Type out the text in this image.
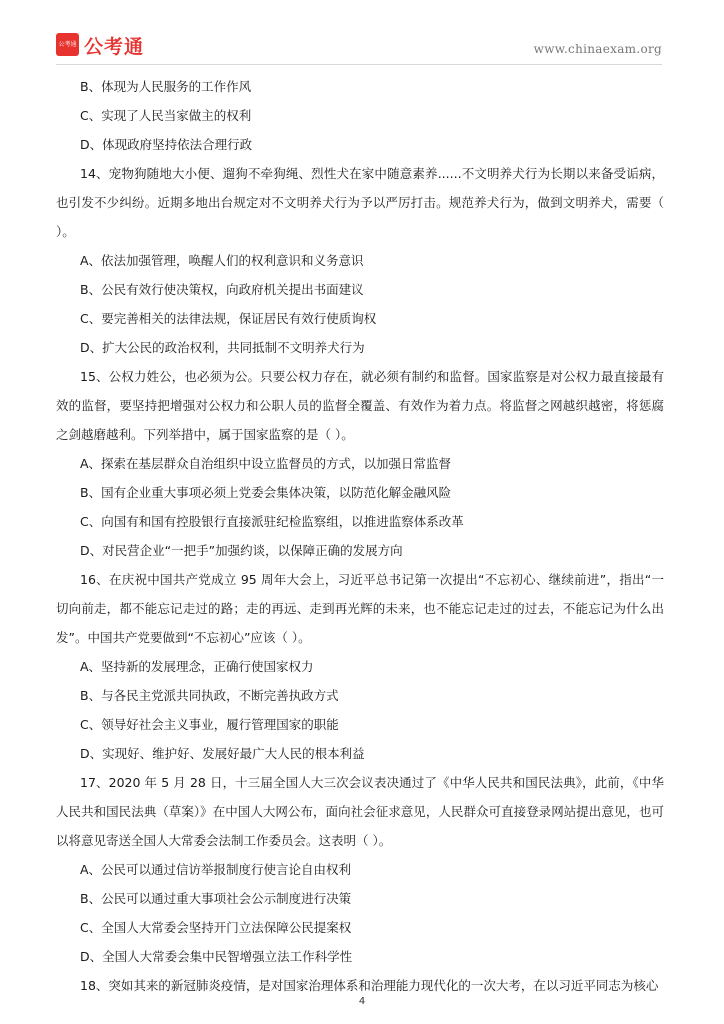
公考通 公考通	www.chinaexam.org

B、体现为人民服务的工作作风

C、实现了人民当家做主的权利

D、体现政府坚持依法合理行政

14、宠物狗随地大小便、遛狗不牵狗绳、烈性犬在家中随意素养......不文明养犬行为长期以来备受诟病，也引发不少纠纷。近期多地出台规定对不文明养犬行为予以严厉打击。规范养犬行为，做到文明养犬，需要（ ）。

A、依法加强管理，唤醒人们的权利意识和义务意识

B、公民有效行使决策权，向政府机关提出书面建议

C、要完善相关的法律法规，保证居民有效行使质询权

D、扩大公民的政治权利，共同抵制不文明养犬行为

15、公权力姓公，也必须为公。只要公权力存在，就必须有制约和监督。国家监察是对公权力最直接最有效的监督，要坚持把增强对公权力和公职人员的监督全覆盖、有效作为着力点。将监督之网越织越密，将惩腐之剑越磨越利。下列举措中，属于国家监察的是（ ）。

A、探索在基层群众自治组织中设立监督员的方式，以加强日常监督

B、国有企业重大事项必须上党委会集体决策，以防范化解金融风险

C、向国有和国有控股银行直接派驻纪检监察组，以推进监察体系改革

D、对民营企业“一把手”加强约谈，以保障正确的发展方向

16、在庆祝中国共产党成立 95 周年大会上，习近平总书记第一次提出“不忘初心、继续前进”，指出“一切向前走，都不能忘记走过的路；走的再远、走到再光辉的未来，也不能忘记走过的过去，不能忘记为什么出发”。中国共产党要做到“不忘初心”应该（ ）。

A、坚持新的发展理念，正确行使国家权力

B、与各民主党派共同执政，不断完善执政方式

C、领导好社会主义事业，履行管理国家的职能

D、实现好、维护好、发展好最广大人民的根本利益

17、2020 年 5 月 28 日，十三届全国人大三次会议表决通过了《中华人民共和国民法典》，此前，《中华人民共和国民法典（草案）》在中国人大网公布，面向社会征求意见，人民群众可直接登录网站提出意见，也可以将意见寄送全国人大常委会法制工作委员会。这表明（ ）。

A、公民可以通过信访举报制度行使言论自由权利

B、公民可以通过重大事项社会公示制度进行决策

C、全国人大常委会坚持开门立法保障公民提案权

D、全国人大常委会集中民智增强立法工作科学性

18、突如其来的新冠肺炎疫情，是对国家治理体系和治理能力现代化的一次大考，在以习近平同志为核心

4
